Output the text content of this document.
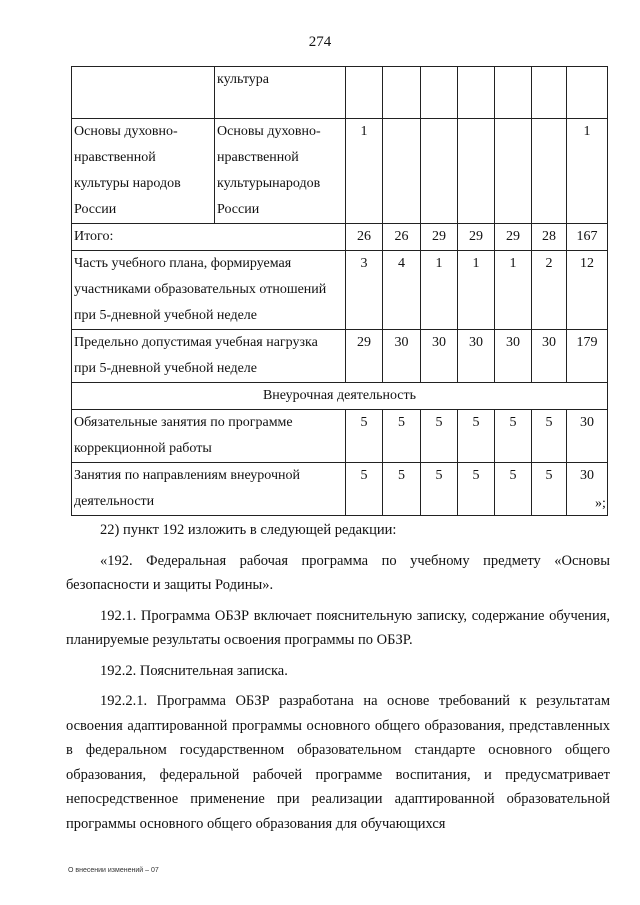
274
	культура							
Основы духовно-нравственной культуры народов России	Основы духовно-нравственной культурынародов России	1						1
Итого:		26	26	29	29	29	28	167
Часть учебного плана, формируемая участниками образовательных отношений при 5-дневной учебной неделе		3	4	1	1	1	2	12
Предельно допустимая учебная нагрузка при 5-дневной учебной неделе		29	30	30	30	30	30	179
Внеурочная деятельность								
Обязательные занятия по программе коррекционной работы		5	5	5	5	5	5	30
Занятия по направлениям внеурочной деятельности		5	5	5	5	5	5	30
»;

22) пункт 192 изложить в следующей редакции:

«192. Федеральная рабочая программа по учебному предмету «Основы безопасности и защиты Родины».

192.1. Программа ОБЗР включает пояснительную записку, содержание обучения, планируемые результаты освоения программы по ОБЗР.

192.2. Пояснительная записка.

192.2.1. Программа ОБЗР разработана на основе требований к результатам освоения адаптированной программы основного общего образования, представленных в федеральном государственном образовательном стандарте основного общего образования, федеральной рабочей программе воспитания, и предусматривает непосредственное применение при реализации адаптированной образовательной программы основного общего образования для обучающихся

О внесении изменений – 07
